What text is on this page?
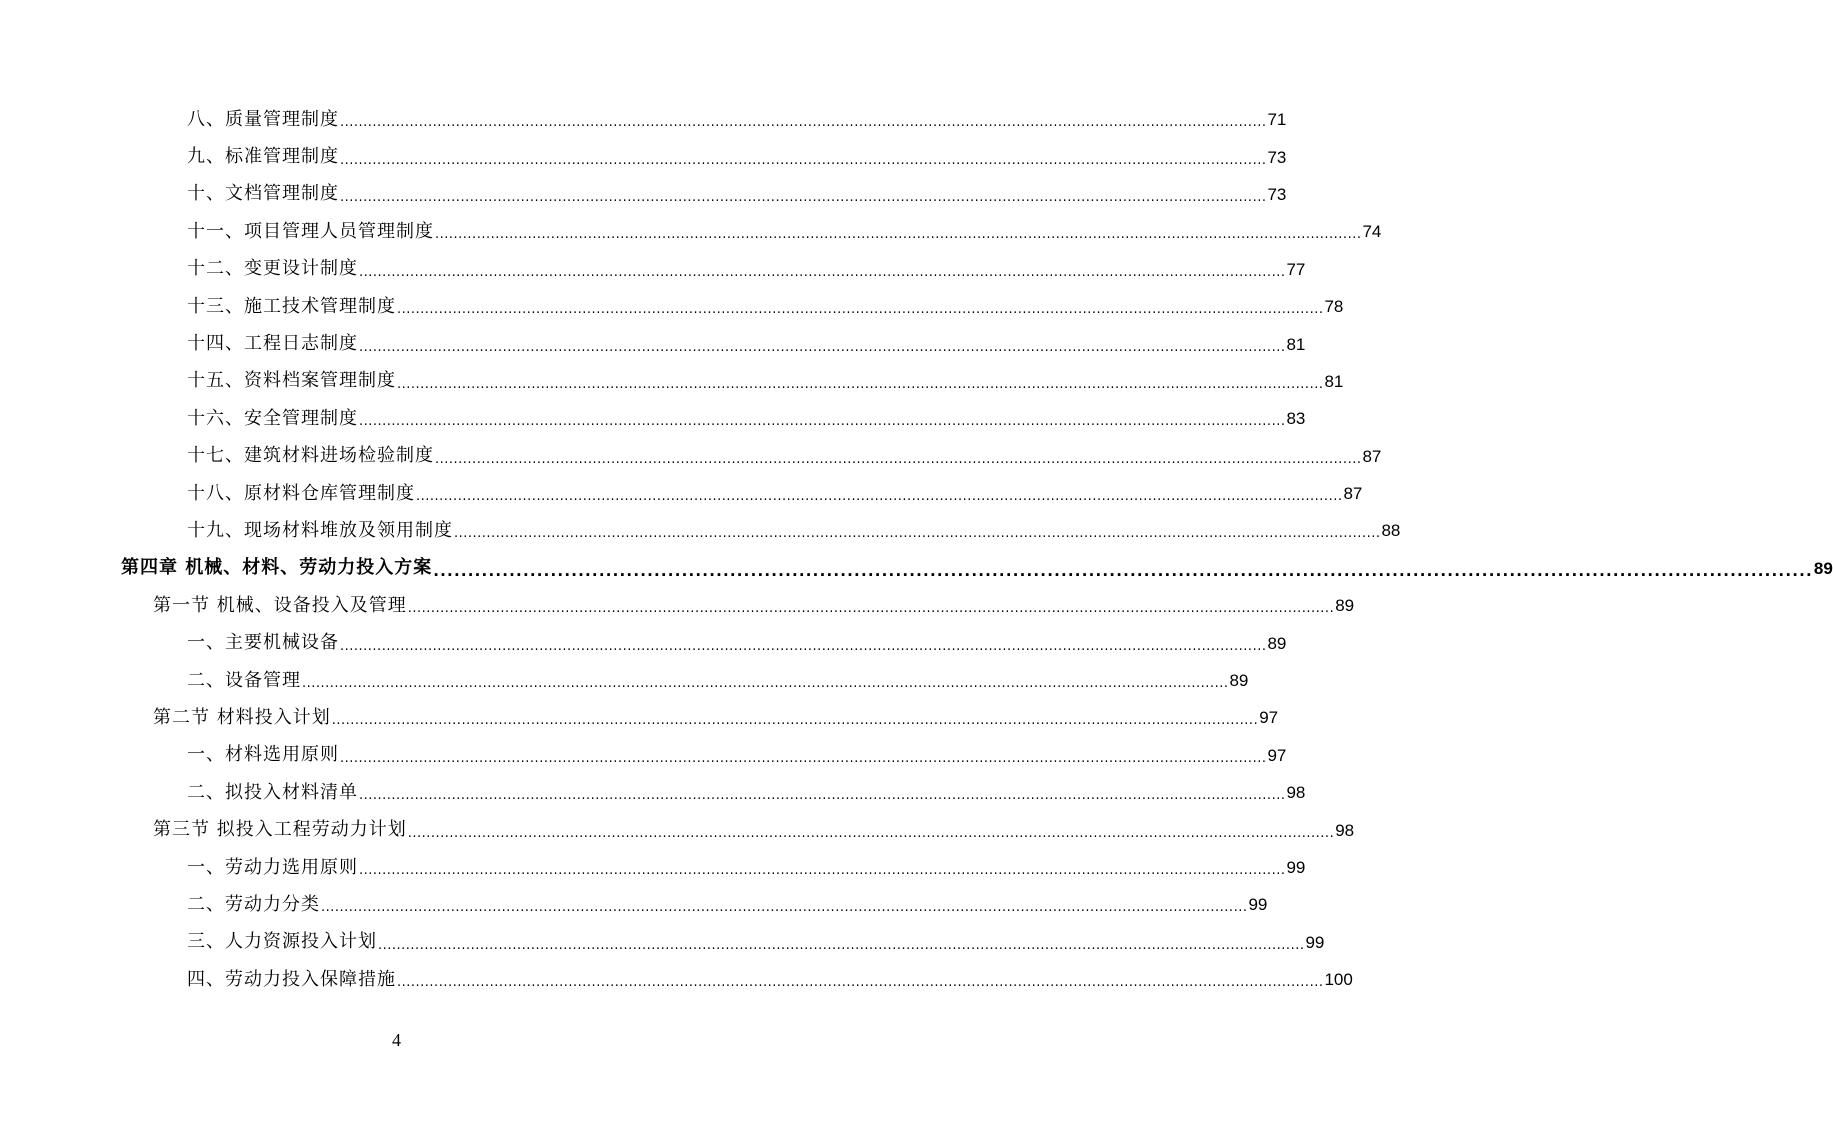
八、质量管理制度 ........................................................................................................................................................................................................ 71
九、标准管理制度 ........................................................................................................................................................................................................ 73
十、文档管理制度 ........................................................................................................................................................................................................ 73
十一、项目管理人员管理制度 ........................................................................................................................................................................................................ 74
十二、变更设计制度 ........................................................................................................................................................................................................ 77
十三、施工技术管理制度 ........................................................................................................................................................................................................ 78
十四、工程日志制度 ........................................................................................................................................................................................................ 81
十五、资料档案管理制度 ........................................................................................................................................................................................................ 81
十六、安全管理制度 ........................................................................................................................................................................................................ 83
十七、建筑材料进场检验制度 ........................................................................................................................................................................................................ 87
十八、原材料仓库管理制度 ........................................................................................................................................................................................................ 87
十九、现场材料堆放及领用制度 ........................................................................................................................................................................................................ 88
第四章 机械、材料、劳动力投入方案 ........................................................................................................................................................................................................ 89
第一节 机械、设备投入及管理 ........................................................................................................................................................................................................ 89
一、主要机械设备 ........................................................................................................................................................................................................ 89
二、设备管理 ........................................................................................................................................................................................................ 89
第二节 材料投入计划 ........................................................................................................................................................................................................ 97
一、材料选用原则 ........................................................................................................................................................................................................ 97
二、拟投入材料清单 ........................................................................................................................................................................................................ 98
第三节 拟投入工程劳动力计划 ........................................................................................................................................................................................................ 98
一、劳动力选用原则 ........................................................................................................................................................................................................ 99
二、劳动力分类 ........................................................................................................................................................................................................ 99
三、人力资源投入计划 ........................................................................................................................................................................................................ 99
四、劳动力投入保障措施 ........................................................................................................................................................................................................ 100
4
